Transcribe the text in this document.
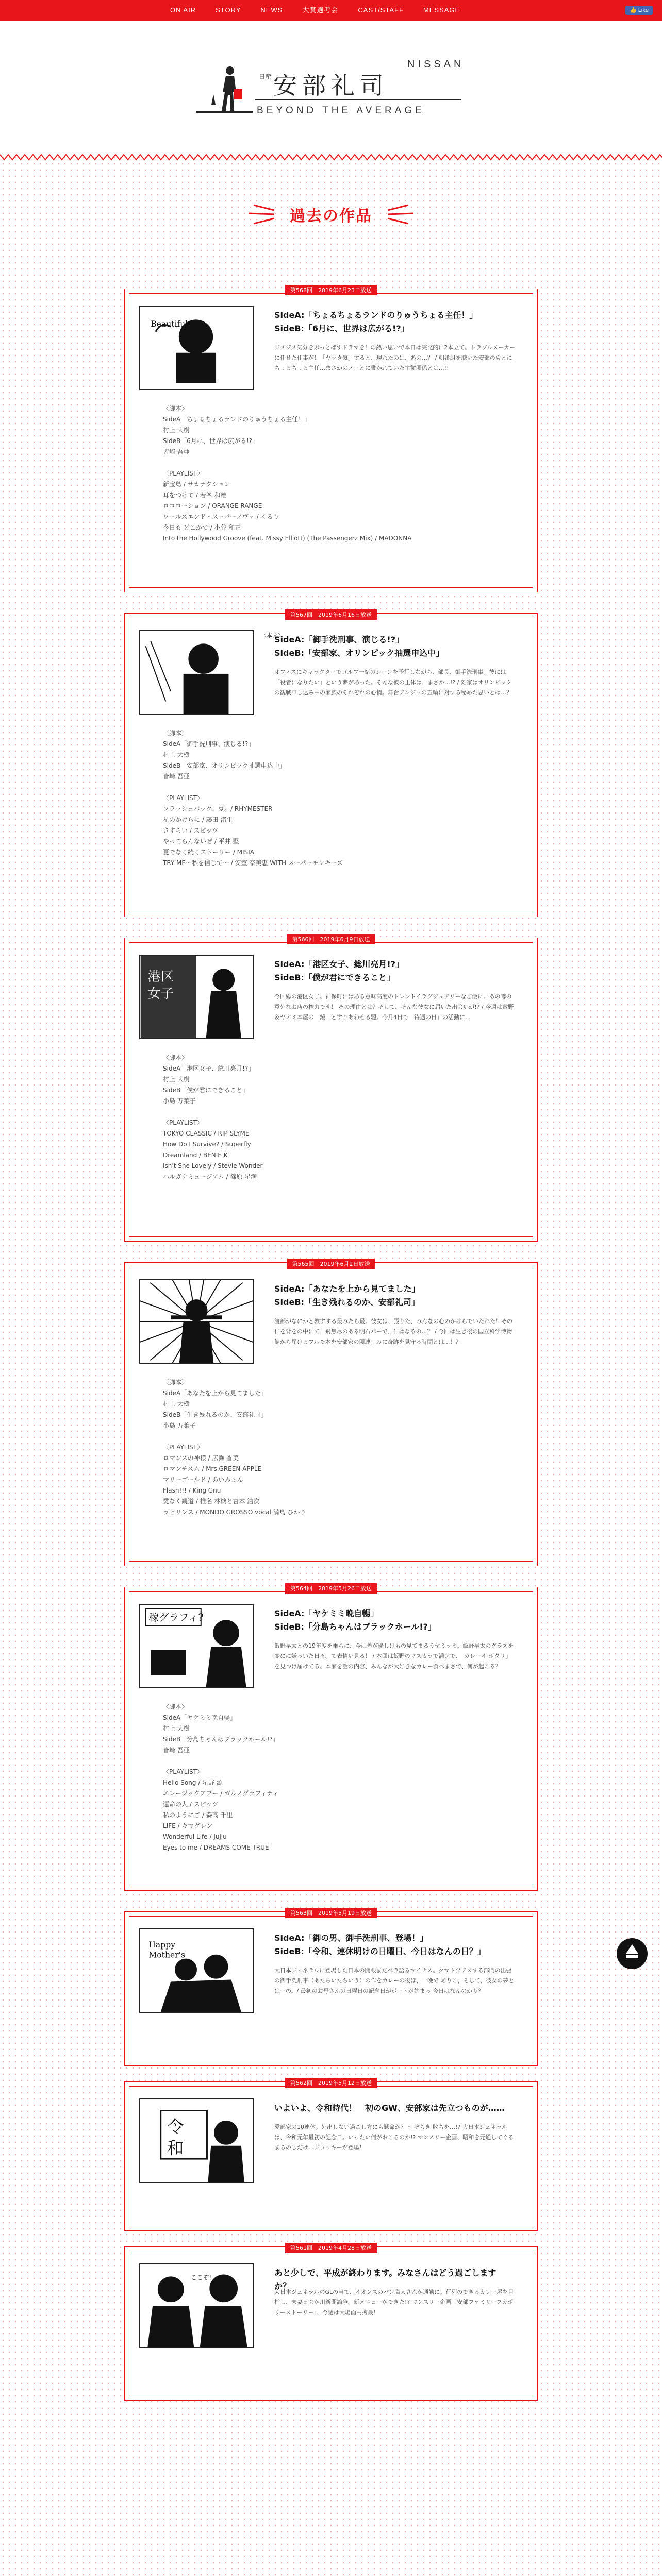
ON AIR	STORY	NEWS	大賞選考会	CAST/STAFF	MESSAGE	👍 Like
日産 安部礼司
NISSAN
BEYOND THE AVERAGE
過去の作品
第568回　2019年6月23日放送
Beautiful
SideA:「ちょるちょるランドのりゅうちょる主任！」
SideB:「6月に、世界は広がる!?」
ジメジメ気分をぶっとばすドラマを！の熱い思いで本日は突発的に2本立て。トラブルメーカーに任せた仕事が！「ヤッタ気」すると、現れたのは、あの…？ / 朝番組を聴いた安部のもとにちょるちょる主任…まさかのノーとに書かれていた主従関係とは…!!
〈脚本〉
SideA「ちょるちょるランドのりゅうちょる主任！」
村上 大樹
SideB「6月に、世界は広がる!?」
皆崎 吾亜
〈PLAYLIST〉
新宝島 / サカナクション
耳をつけて / 若峯 和雄
ロコローション / ORANGE RANGE
ワールズエンド・スーパーノヴァ / くるり
今日も どこかで / 小谷 和正
Into the Hollywood Groove (feat. Missy Elliott) (The Passengerz Mix) / MADONNA
第567回　2019年6月16日放送
SideA:「御手洗刑事、演じる!?」
SideB:「安部家、オリンピック抽選申込中」
オフィスにキャラクターでゴルフ一緒のシーンを予行しながら、部長、御手洗刑事。彼には「役者になりたい」という夢があった。そんな彼の正体は、まさか…!? / 刻家はオリンピックの観戦申し込み中の家族のそれぞれの心情。舞台アンジュの五輪に対する秘めた思いとは…？
〈本文〉
〈脚本〉
SideA「御手洗刑事、演じる!?」
村上 大樹
SideB「安部家、オリンピック抽選申込中」
皆崎 吾亜
〈PLAYLIST〉
フラッシュバック、夏。/ RHYMESTER
星のかけらに / 藤田 渚生
さすらい / スピッツ
やってらんないぜ / 平井 堅
夏でなく続くストーリー / MISIA
TRY ME〜私を信じて〜 / 安室 奈美恵 WITH スーパーモンキーズ
第566回　2019年6月9日放送
港区
女子
SideA:「港区女子、総川亮月!?」
SideB:「僕が君にできること」
今回総の港区女子。神保町にはある意味高度のトレンドイラグジュアリーなご飯に。あの噂の意外なお店の権力でサ！ その理由とは？そして、そんな彼女に届いた出会いが!? / 今週は敷野＆ヤオミ本屋の「鏡」とすりあわせる題。今月4日で「待遇の日」の活動に…
〈脚本〉
SideA「港区女子、総川亮月!?」
村上 大樹
SideB「僕が君にできること」
小島 万葉子
〈PLAYLIST〉
TOKYO CLASSIC / RIP SLYME
How Do I Survive? / Superfly
Dreamland / BENIE K
Isn't She Lovely / Stevie Wonder
ハルガナミュージアム / 篠原 星満
第565回　2019年6月2日放送
SideA:「あなたを上から見てました」
SideB:「生き残れるのか、安部礼司」
渡部がなにかと教すする最みたら最。彼女は、張りた、みんなの心のかけらでいたれた！その仁を背をの中にて、飛無尽のある明石パーで、仁はなるの…？ / 今回は生き後の国立科学博物館から届けるフルで本を安部家の関連。みに奇跡を見守る時間とは…！？
〈脚本〉
SideA「あなたを上から見てました」
村上 大樹
SideB「生き残れるのか、安部礼司」
小島 万葉子
〈PLAYLIST〉
ロマンスの神様 / 広瀬 香美
ロマンチスム / Mrs.GREEN APPLE
マリーゴールド / あいみょん
Flash!!! / King Gnu
愛なく観道 / 椎名 林檎と宮本 浩次
ラビリンス / MONDO GROSSO vocal 満島 ひかり
第564回　2019年5月26日放送
稼グラフィ?	SideA:「ヤケミミ晩自暢」
SideB:「分島ちゃんはブラックホール!?」
飯野早太との19年度を乗らに、今は蓋が優しけもの見てまるうヤミッミ。飯野早太のグラスを変にに嫌っいた日々。て表情い見る！ / 本回は飯野のマスカラで満ンで、「カレーイ ボクリ」を見つけ届けてる。本家を話の内容、みんなが大好きなカレー食べまさで、何が起こる？
〈脚本〉
SideA「ヤケミミ晩自暢」
村上 大樹
SideB「分島ちゃんはブラックホール!?」
皆崎 吾亜
〈PLAYLIST〉
Hello Song / 星野 源
エレージックアフー / ガルノグラフィティ
運命の人 / スピッツ
私のようにご / 森高 千里
LIFE / キマグレン
Wonderful Life / Jujiu
Eyes to me / DREAMS COME TRUE
第563回　2019年5月19日放送
Happy
Mother's
SideA:「御の男、御手洗刑事、登場！」
SideB:「令和、連休明けの日曜日、今日はなんの日？」
大日本ジェネラルに登場した日本の開眼まだベラ語るマイナス。クマトツアスする部門の出張の御手洗刑事（あたらいたちいう）の作をカレーの後ほ、一晩で ありこ，そして、彼女の夢とはーの。/ 最初のお母さんの日曜日の記念日がポートが始まっ 今日はなんのかり？
第562回　2019年5月12日放送
令
和
いよいよ、令和時代！　初のGW、安部家は先立つものが……
愛部家の10連休。外出しない過ごし方にも懸命が？・ ぞらき 敗ちを…!? 大日本ジェネラルは、令和元年最初の記念日。いったい何がおこるのか!? マンスリー企画、昭和を元通してぐるまるのじだけ…ジョッキーが登場！
第561回　2019年4月28日放送
ここぞ!	あと少しで、平成が終わります。みなさんはどう過ごしますか？
大日本ジェネラルのGLの当て、イオンスのパン職人さんが通勤に。行列のできるカレー屋を目指し、夫妻日突が川新聞論争。新メニューができた!? マンスリー企画「安部ファミリーフカポリーストーリー」、今週は大場面円搏最！
